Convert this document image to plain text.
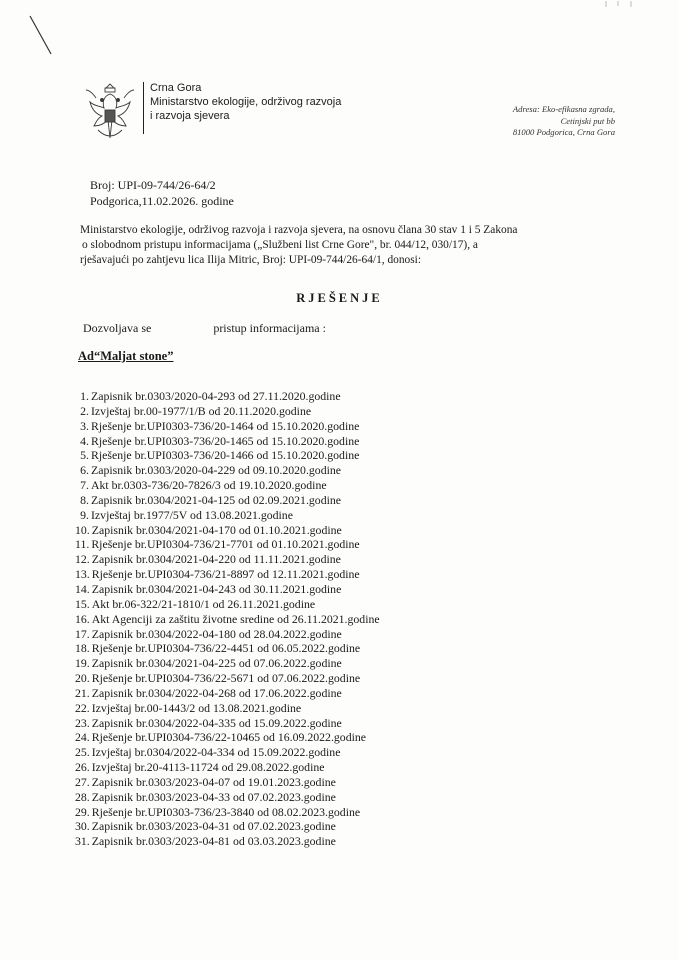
Crna Gora
Ministarstvo ekologije, održivog razvoja
i razvoja sjevera
Adresa: Eko-efikasna zgrada,
Cetinjski put bb
81000 Podgorica, Crna Gora
Broj: UPI-09-744/26-64/2
Podgorica,11.02.2026. godine
Ministarstvo ekologije, održivog razvoja i razvoja sjevera, na osnovu člana 30 stav 1 i 5 Zakona
o slobodnom pristupu informacijama („Službeni list Crne Gore", br. 044/12, 030/17), a
rješavajući po zahtjevu lica Ilija Mitric, Broj: UPI-09-744/26-64/1, donosi:
RJEŠENJE
Dozvoljava se	pristup informacijama :
Ad“Maljat stone”
1. Zapisnik br.0303/2020-04-293 od 27.11.2020.godine
2. Izvještaj br.00-1977/1/B od 20.11.2020.godine
3. Rješenje br.UPI0303-736/20-1464 od 15.10.2020.godine
4. Rješenje br.UPI0303-736/20-1465 od 15.10.2020.godine
5. Rješenje br.UPI0303-736/20-1466 od 15.10.2020.godine
6. Zapisnik br.0303/2020-04-229 od 09.10.2020.godine
7. Akt br.0303-736/20-7826/3 od 19.10.2020.godine
8. Zapisnik br.0304/2021-04-125 od 02.09.2021.godine
9. Izvještaj br.1977/5V od 13.08.2021.godine
10. Zapisnik br.0304/2021-04-170 od 01.10.2021.godine
11. Rješenje br.UPI0304-736/21-7701 od 01.10.2021.godine
12. Zapisnik br.0304/2021-04-220 od 11.11.2021.godine
13. Rješenje br.UPI0304-736/21-8897 od 12.11.2021.godine
14. Zapisnik br.0304/2021-04-243 od 30.11.2021.godine
15. Akt br.06-322/21-1810/1 od 26.11.2021.godine
16. Akt Agenciji za zaštitu životne sredine od 26.11.2021.godine
17. Zapisnik br.0304/2022-04-180 od 28.04.2022.godine
18. Rješenje br.UPI0304-736/22-4451 od 06.05.2022.godine
19. Zapisnik br.0304/2021-04-225 od 07.06.2022.godine
20. Rješenje br.UPI0304-736/22-5671 od 07.06.2022.godine
21. Zapisnik br.0304/2022-04-268 od 17.06.2022.godine
22. Izvještaj br.00-1443/2 od 13.08.2021.godine
23. Zapisnik br.0304/2022-04-335 od 15.09.2022.godine
24. Rješenje br.UPI0304-736/22-10465 od 16.09.2022.godine
25. Izvještaj br.0304/2022-04-334 od 15.09.2022.godine
26. Izvještaj br.20-4113-11724 od 29.08.2022.godine
27. Zapisnik br.0303/2023-04-07 od 19.01.2023.godine
28. Zapisnik br.0303/2023-04-33 od 07.02.2023.godine
29. Rješenje br.UPI0303-736/23-3840 od 08.02.2023.godine
30. Zapisnik br.0303/2023-04-31 od 07.02.2023.godine
31. Zapisnik br.0303/2023-04-81 od 03.03.2023.godine
